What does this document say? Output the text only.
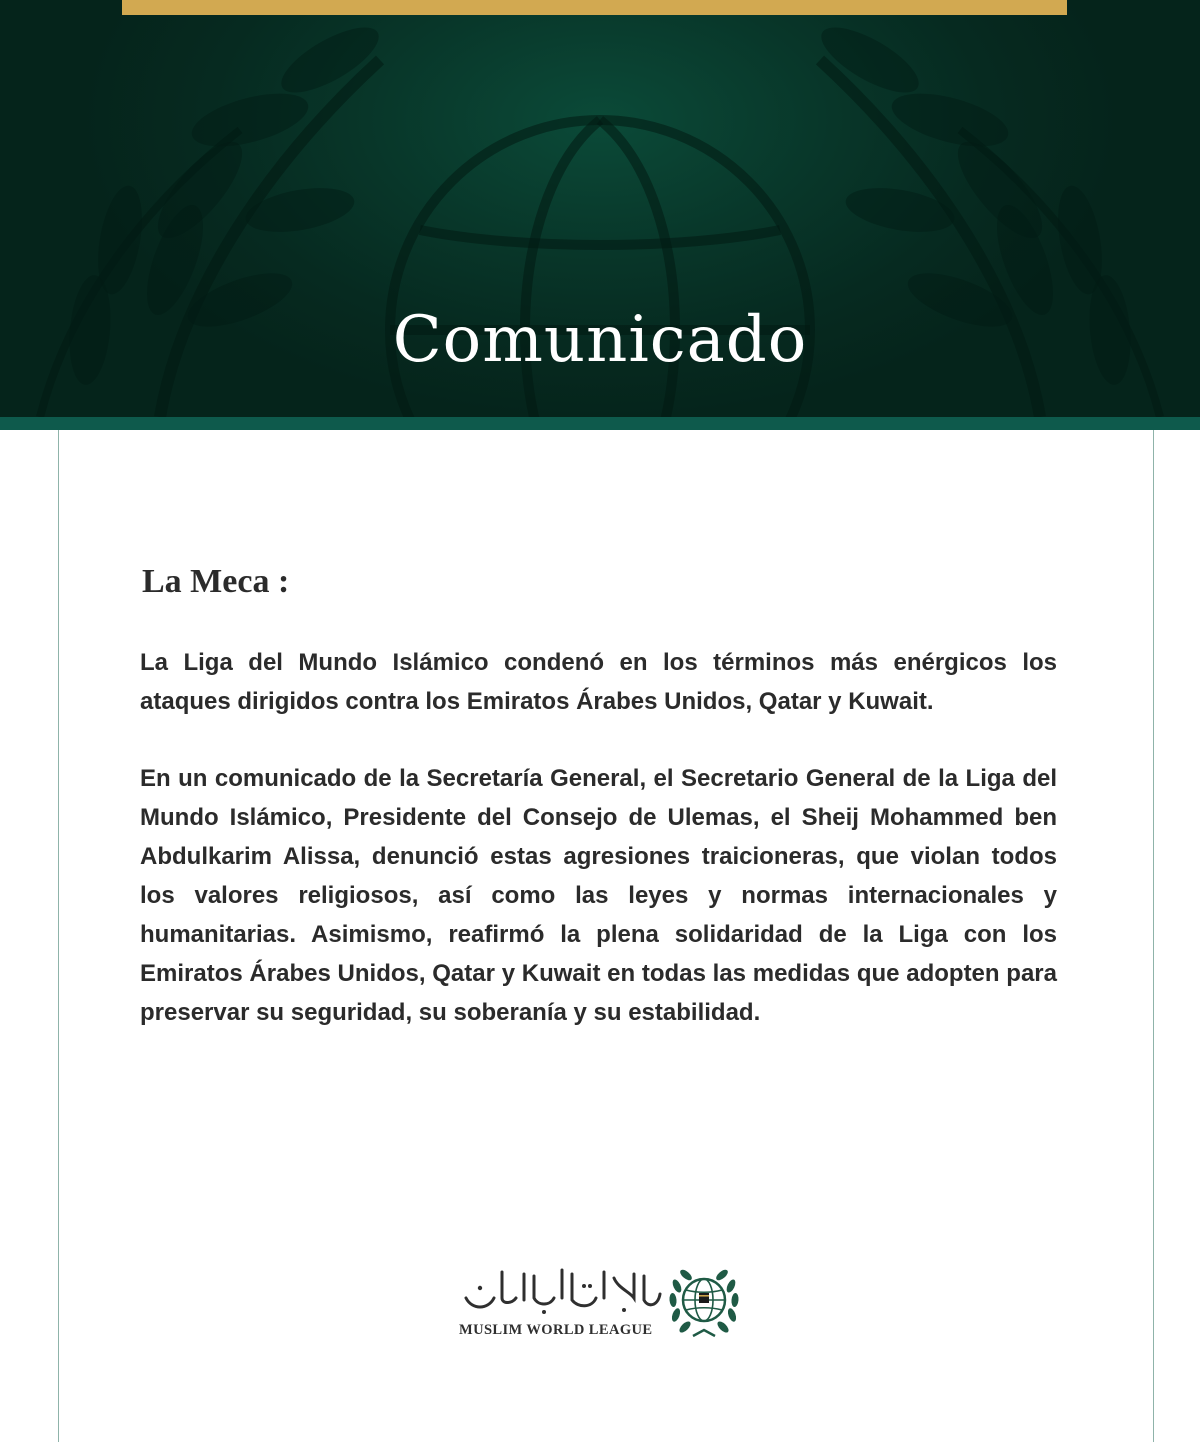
Comunicado
La Meca :

La Liga del Mundo Islámico condenó en los términos más enérgicos los ataques dirigidos contra los Emiratos Árabes Unidos, Qatar y Kuwait.

En un comunicado de la Secretaría General, el Secretario General de la Liga del Mundo Islámico, Presidente del Consejo de Ulemas, el Sheij Mohammed ben Abdulkarim Alissa, denunció estas agresiones traicioneras, que violan todos los valores religiosos, así como las leyes y normas internacionales y humanitarias. Asimismo, reafirmó la plena solidaridad de la Liga con los Emiratos Árabes Unidos, Qatar y Kuwait en todas las medidas que adopten para preservar su seguridad, su soberanía y su estabilidad.

MUSLIM WORLD LEAGUE
